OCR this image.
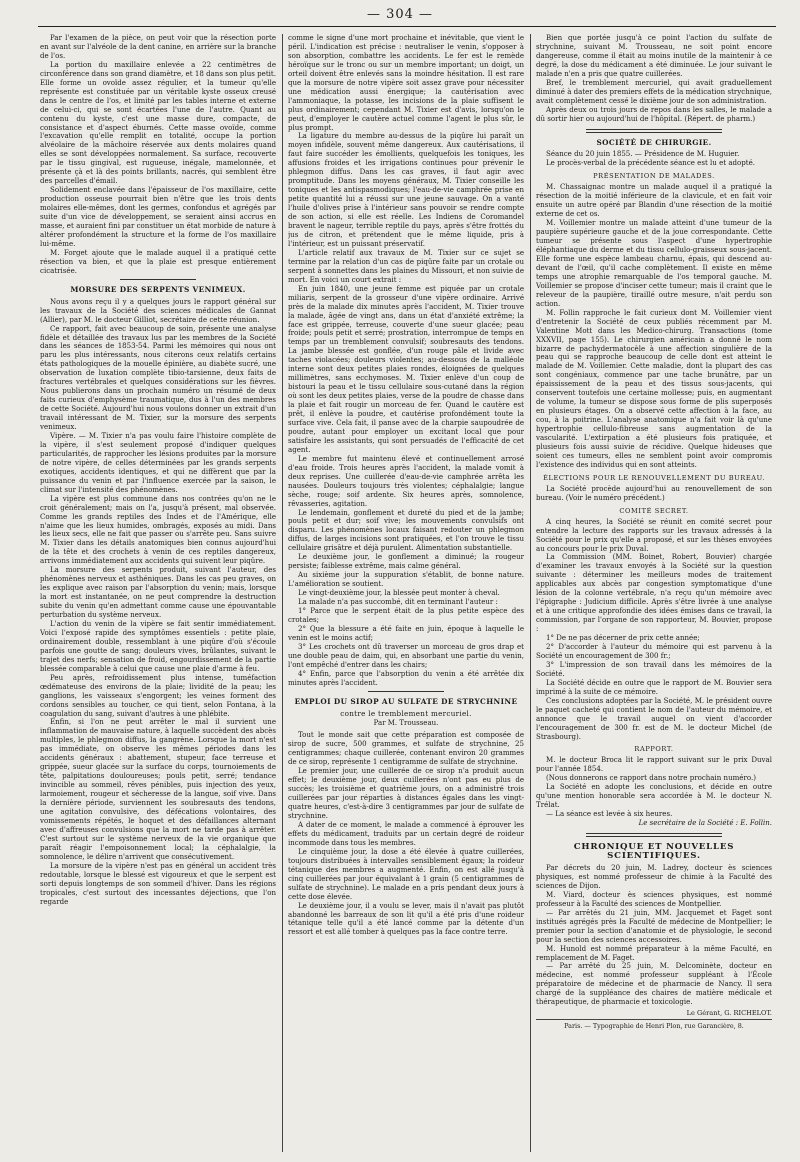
— 304 —

Par l'examen de la pièce, on peut voir que la résection porte en avant sur l'alvéole de la dent canine, en arrière sur la branche de l'os.

La portion du maxillaire enlevée a 22 centimètres de circonférence dans son grand diamètre, et 18 dans son plus petit. Elle forme un ovoïde assez régulier, et la tumeur qu'elle représente est constituée par un véritable kyste osseux creusé dans le centre de l'os, et limité par les tables interne et externe de celui-ci, qui se sont écartées l'une de l'autre. Quant au contenu du kyste, c'est une masse dure, compacte, de consistance et d'aspect éburnés. Cette masse ovoïde, comme l'excavation qu'elle remplit en totalité, occupe la portion alvéolaire de la mâchoire réservée aux dents molaires quand elles se sont développées normalement. Sa surface, recouverte par le tissu gingival, est rugueuse, inégale, mamelonnée, et présente çà et là des points brillants, nacrés, qui semblent être des parcelles d'émail.

Solidement enclavée dans l'épaisseur de l'os maxillaire, cette production osseuse pourrait bien n'être que les trois dents molaires elle-mêmes, dont les germes, confondus et agrégés par suite d'un vice de développement, se seraient ainsi accrus en masse, et auraient fini par constituer un état morbide de nature à altérer profondément la structure et la forme de l'os maxillaire lui-même.

M. Forget ajoute que le malade auquel il a pratiqué cette résection va bien, et que la plaie est presque entièrement cicatrisée.

MORSURE DES SERPENTS VENIMEUX.

Nous avons reçu il y a quelques jours le rapport général sur les travaux de la Société des sciences médicales de Gannat (Allier), par M. le docteur Gilliot, secrétaire de cette réunion.

Ce rapport, fait avec beaucoup de soin, présente une analyse fidèle et détaillée des travaux lus par les membres de la Société dans les séances de 1853-54. Parmi les mémoires qui nous ont paru les plus intéressants, nous citerons ceux relatifs certains états pathologiques de la mouelle épinière, au diabète sucré, une observation de luxation complète tibio-tarsienne, deux faits de fractures vertébrales et quelques considérations sur les fièvres. Nous publierons dans un prochain numéro un résumé de deux faits curieux d'emphysème traumatique, dus à l'un des membres de cette Société. Aujourd'hui nous voulons donner un extrait d'un travail intéressant de M. Tixier, sur la morsure des serpents venimeux.

Vipère. — M. Tixier n'a pas voulu faire l'histoire complète de la vipère, il s'est seulement proposé d'indiquer quelques particularités, de rapprocher les lésions produites par la morsure de notre vipère, de celles déterminées par les grands serpents exotiques, accidents identiques, et qui ne diffèrent que par la puissance du venin et par l'influence exercée par la saison, le climat sur l'intensité des phénomènes.

La vipère est plus commune dans nos contrées qu'on ne le croit généralement; mais on l'a, jusqu'à présent, mal observée. Comme les grands reptiles des Indes et de l'Amérique, elle n'aime que les lieux humides, ombragés, exposés au midi. Dans les lieux secs, elle ne fait que passer ou s'arrête peu. Sans suivre M. Tixier dans les détails anatomiques bien connus aujourd'hui de la tête et des crochets à venin de ces reptiles dangereux, arrivons immédiatement aux accidents qui suivent leur piqûre.

La morsure des serpents produit, suivant l'auteur, des phénomènes nerveux et asthéniques. Dans les cas peu graves, on les explique avec raison par l'absorption du venin; mais, lorsque la mort est instantanée, on ne peut comprendre la destruction subite du venin qu'en admettant comme cause une épouvantable perturbation du système nerveux.

L'action du venin de la vipère se fait sentir immédiatement. Voici l'exposé rapide des symptômes essentiels : petite plaie, ordinairement double, ressemblant à une piqûre d'où s'écoule parfois une goutte de sang; douleurs vives, brûlantes, suivant le trajet des nerfs; sensation de froid, engourdissement de la partie blessée comparable à celui que cause une plaie d'arme à feu.

Peu après, refroidissement plus intense, tuméfaction œdémateuse des environs de la plaie; lividité de la peau; les ganglions, les vaisseaux s'engorgent; les veines forment des cordons sensibles au toucher, ce qui tient, selon Fontana, à la coagulation du sang, suivant d'autres à une phlébite.

Enfin, si l'on ne peut arrêter le mal il survient une inflammation de mauvaise nature, à laquelle succèdent des abcès multiples, le phlegmon diffus, la gangrène. Lorsque la mort n'est pas immédiate, on observe les mêmes périodes dans les accidents généraux : abattement, stupeur, face terreuse et grippée, sueur glacée sur la surface du corps, tournoiements de tête, palpitations douloureuses; pouls petit, serré; tendance invincible au sommeil, rêves pénibles, puis injection des yeux, larmoiement, rougeur et sécheresse de la langue, soif vive. Dans la dernière période, surviennent les soubresauts des tendons, une agitation convulsive, des défécations volontaires, des vomissements répétés, le hoquet et des défaillances alternant avec d'affreuses convulsions que la mort ne tarde pas à arrêter. C'est surtout sur le système nerveux de la vie organique que paraît réagir l'empoisonnement local; la céphalalgie, la somnolence, le délire n'arrivent que consécutivement.

La morsure de la vipère n'est pas en général un accident très redoutable, lorsque le blessé est vigoureux et que le serpent est sorti depuis longtemps de son sommeil d'hiver. Dans les régions tropicales, c'est surtout des incessantes déjections, que l'on regarde

comme le signe d'une mort prochaine et inévitable, que vient le péril. L'indication est précise : neutraliser le venin, s'opposer à son absorption, combattre les accidents. Le fer est le remède héroïque sur le tronc ou sur un membre important; un doigt, un orteil doivent être enlevés sans la moindre hésitation. Il est rare que la morsure de notre vipère soit assez grave pour nécessiter une médication aussi énergique; la cautérisation avec l'ammoniaque, la potasse, les incisions de la plaie suffisent le plus ordinairement; cependant M. Tixier est d'avis, lorsqu'on le peut, d'employer le cautère actuel comme l'agent le plus sûr, le plus prompt.

La ligature du membre au-dessus de la piqûre lui paraît un moyen infidèle, souvent même dangereux. Aux cautérisations, il faut faire succéder les émollients, quelquefois les toniques, les affusions froides et les irrigations continues pour prévenir le phlegmon diffus. Dans les cas graves, il faut agir avec promptitude. Dans les moyens généraux, M. Tixier conseille les toniques et les antispasmodiques; l'eau-de-vie camphrée prise en petite quantité lui a réussi sur une jeune sauvage. On a vanté l'huile d'olives prise à l'intérieur sans pouvoir se rendre compte de son action, si elle est réelle. Les Indiens de Coromandel bravent le nageur, terrible reptile du pays, après s'être frottés du jus de citron, et prétendent que le même liquide, pris à l'intérieur, est un puissant préservatif.

L'article relatif aux travaux de M. Tixier sur ce sujet se termine par la relation d'un cas de piqûre faite par un crotale ou serpent à sonnettes dans les plaines du Missouri, et non suivie de mort. En voici un court extrait :

En juin 1840, une jeune femme est piquée par un crotale miliaris, serpent de la grosseur d'une vipère ordinaire. Arrivé près de la malade dix minutes après l'accident, M. Tixier trouve la malade, âgée de vingt ans, dans un état d'anxiété extrême; la face est grippée, terreuse, couverte d'une sueur glacée; peau froide; pouls petit et serré; prostration, interrompue de temps en temps par un tremblement convulsif; soubresauts des tendons. La jambe blessée est gonflée, d'un rouge pâle et livide avec taches violacées; douleurs violentes; au-dessous de la malléole interne sont deux petites plaies rondes, éloignées de quelques millimètres, sans ecchymoses. M. Tixier enlève d'un coup de bistouri la peau et le tissu cellulaire sous-cutané dans la région où sont les deux petites plaies, verse de la poudre de chasse dans la plaie et fait rougir un morceau de fer. Quand le cautère est prêt, il enlève la poudre, et cautérise profondément toute la surface vive. Cela fait, il panse avec de la charpie saupoudrée de poudre, autant pour employer un excitant local que pour satisfaire les assistants, qui sont persuadés de l'efficacité de cet agent.

Le membre fut maintenu élevé et continuellement arrosé d'eau froide. Trois heures après l'accident, la malade vomit à deux reprises. Une cuillerée d'eau-de-vie camphrée arrêta les nausées. Douleurs toujours très violentes; céphalalgie; langue sèche, rouge; soif ardente. Six heures après, somnolence, rêvasseries, agitation.

Le lendemain, gonflement et dureté du pied et de la jambe; pouls petit et dur; soif vive; les mouvements convulsifs ont disparu. Les phénomènes locaux faisant redouter un phlegmon diffus, de larges incisions sont pratiquées, et l'on trouve le tissu cellulaire grisâtre et déjà purulent. Alimentation substantielle.

Le deuxième jour, le gonflement a diminué; la rougeur persiste; faiblesse extrême, mais calme général.

Au sixième jour la suppuration s'établit, de bonne nature. L'amélioration se soutient.

Le vingt-deuxième jour, la blessée peut monter à cheval.

La malade n'a pas succombé, dit en terminant l'auteur :

1° Parce que le serpent était de la plus petite espèce des crotales;

2° Que la blessure a été faite en juin, époque à laquelle le venin est le moins actif;

3° Les crochets ont dû traverser un morceau de gros drap et une double peau de daim, qui, en absorbant une partie du venin, l'ont empêché d'entrer dans les chairs;

4° Enfin, parce que l'absorption du venin a été arrêtée dix minutes après l'accident.

EMPLOI DU SIROP AU SULFATE DE STRYCHNINE

contre le tremblement mercuriel.

Par M. Trousseau.

Tout le monde sait que cette préparation est composée de sirop de sucre, 500 grammes, et sulfate de strychnine, 25 centigrammes; chaque cuillerée, contenant environ 20 grammes de ce sirop, représente 1 centigramme de sulfate de strychnine.

Le premier jour, une cuillerée de ce sirop n'a produit aucun effet; le deuxième jour, deux cuillerées n'ont pas eu plus de succès; les troisième et quatrième jours, on a administré trois cuillerées par jour réparties à distances égales dans les vingt-quatre heures, c'est-à-dire 3 centigrammes par jour de sulfate de strychnine.

A dater de ce moment, le malade a commencé à éprouver les effets du médicament, traduits par un certain degré de roideur incommode dans tous les membres.

Le cinquième jour, la dose a été élevée à quatre cuillerées, toujours distribuées à intervalles sensiblement égaux; la roideur tétanique des membres a augmenté. Enfin, on est allé jusqu'à cinq cuillerées par jour équivalant à 1 grain (5 centigrammes de sulfate de strychnine). Le malade en a pris pendant deux jours à cette dose élevée.

Le deuxième jour, il a voulu se lever, mais il n'avait pas plutôt abandonné les barreaux de son lit qu'il a été pris d'une roideur tétanique telle qu'il a été lancé comme par la détente d'un ressort et est allé tomber à quelques pas la face contre terre.

Bien que portée jusqu'à ce point l'action du sulfate de strychnine, suivant M. Trousseau, ne soit point encore dangereuse, comme il était au moins inutile de la maintenir à ce degré, la dose du médicament a été diminuée. Le jour suivant le malade n'en a pris que quatre cuillerées.

Bref, le tremblement mercuriel, qui avait graduellement diminué à dater des premiers effets de la médication strychnique, avait complètement cessé le dixième jour de son administration.

Après deux ou trois jours de repos dans les salles, le malade a dû sortir hier ou aujourd'hui de l'hôpital. (Répert. de pharm.)

SOCIÉTÉ DE CHIRURGIE.

Séance du 20 juin 1855. — Présidence de M. Huguier.

Le procès-verbal de la précédente séance est lu et adopté.

PRÉSENTATION DE MALADES.

M. Chassaignac montre un malade auquel il a pratiqué la résection de la moitié inférieure de la clavicule, et en fait voir ensuite un autre opéré par Blandin d'une résection de la moitié externe de cet os.

M. Voillemier montre un malade atteint d'une tumeur de la paupière supérieure gauche et de la joue correspondante. Cette tumeur se présente sous l'aspect d'une hypertrophie éléphantiaque du derme et du tissu cellulo-graisseux sous-jacent. Elle forme une espèce lambeau charnu, épais, qui descend au-devant de l'œil, qu'il cache complètement. Il existe en même temps une atrophie remarquable de l'os temporal gauche. M. Voillemier se propose d'inciser cette tumeur; mais il craint que le releveur de la paupière, tiraillé outre mesure, n'ait perdu son action.

M. Follin rapproche le fait curieux dont M. Voillemier vient d'entretenir la Société de ceux publiés récemment par M. Valentine Mott dans les Medico-chirurg. Transactions (tome XXXVII, page 155). Le chirurgien américain a donné le nom bizarre de pachydermatocèle à une affection singulière de la peau qui se rapproche beaucoup de celle dont est atteint le malade de M. Voillemier. Cette maladie, dont la plupart des cas sont congéniaux, commence par une tache brunâtre, par un épaississement de la peau et des tissus sous-jacents, qui conservent toutefois une certaine mollesse; puis, en augmentant de volume, la tumeur se dispose sous forme de plis superposés en plusieurs étages. On a observé cette affection à la face, au cou, à la poitrine. L'analyse anatomique n'a fait voir là qu'une hypertrophie cellulo-fibreuse sans augmentation de la vascularité. L'extirpation a été plusieurs fois pratiquée, et plusieurs fois aussi suivie de récidive. Quelque hideuses que soient ces tumeurs, elles ne semblent point avoir compromis l'existence des individus qui en sont atteints.

ÉLECTIONS POUR LE RENOUVELLEMENT DU BUREAU.

La Société procède aujourd'hui au renouvellement de son bureau. (Voir le numéro précédent.)

COMITÉ SECRET.

A cinq heures, la Société se réunit en comité secret pour entendre la lecture des rapports sur les travaux adressés à la Société pour le prix qu'elle a proposé, et sur les thèses envoyées au concours pour le prix Duval.

La Commission (MM. Boinet, Robert, Bouvier) chargée d'examiner les travaux envoyés à la Société sur la question suivante : déterminer les meilleurs modes de traitement applicables aux abcès par congestion symptomatique d'une lésion de la colonne vertébrale, n'a reçu qu'un mémoire avec l'épigraphe : Judicium difficile. Après s'être livrée à une analyse et à une critique approfondie des idées émises dans ce travail, la commission, par l'organe de son rapporteur, M. Bouvier, propose :

1° De ne pas décerner de prix cette année;

2° D'accorder à l'auteur du mémoire qui est parvenu à la Société un encouragement de 300 fr.;

3° L'impression de son travail dans les mémoires de la Société.

La Société décide en outre que le rapport de M. Bouvier sera imprimé à la suite de ce mémoire.

Ces conclusions adoptées par la Société, M. le président ouvre le paquet cacheté qui contient le nom de l'auteur du mémoire, et annonce que le travail auquel on vient d'accorder l'encouragement de 300 fr. est de M. le docteur Michel (de Strasbourg).

RAPPORT.

M. le docteur Broca lit le rapport suivant sur le prix Duval pour l'année 1854.

(Nous donnerons ce rapport dans notre prochain numéro.)

La Société en adopte les conclusions, et décide en outre qu'une mention honorable sera accordée à M. le docteur N. Trélat.

— La séance est levée à six heures.

Le secrétaire de la Société : E. Follin.

CHRONIQUE ET NOUVELLES SCIENTIFIQUES.

Par décrets du 20 juin, M. Ladrey, docteur ès sciences physiques, est nommé professeur de chimie à la Faculté des sciences de Dijon.

M. Viard, docteur ès sciences physiques, est nommé professeur à la Faculté des sciences de Montpellier.

— Par arrêtés du 21 juin, MM. Jacquemet et Faget sont institués agrégés près la Faculté de médecine de Montpellier; le premier pour la section d'anatomie et de physiologie, le second pour la section des sciences accessoires.

M. Hunold est nommé préparateur à la même Faculté, en remplacement de M. Faget.

— Par arrêté du 25 juin, M. Delcominète, docteur en médecine, est nommé professeur suppléant à l'École préparatoire de médecine et de pharmacie de Nancy. Il sera chargé de la suppléance des chaires de matière médicale et thérapeutique, de pharmacie et toxicologie.

Le Gérant, G. RICHELOT.

Paris. — Typographie de Henri Plon, rue Garancière, 8.
